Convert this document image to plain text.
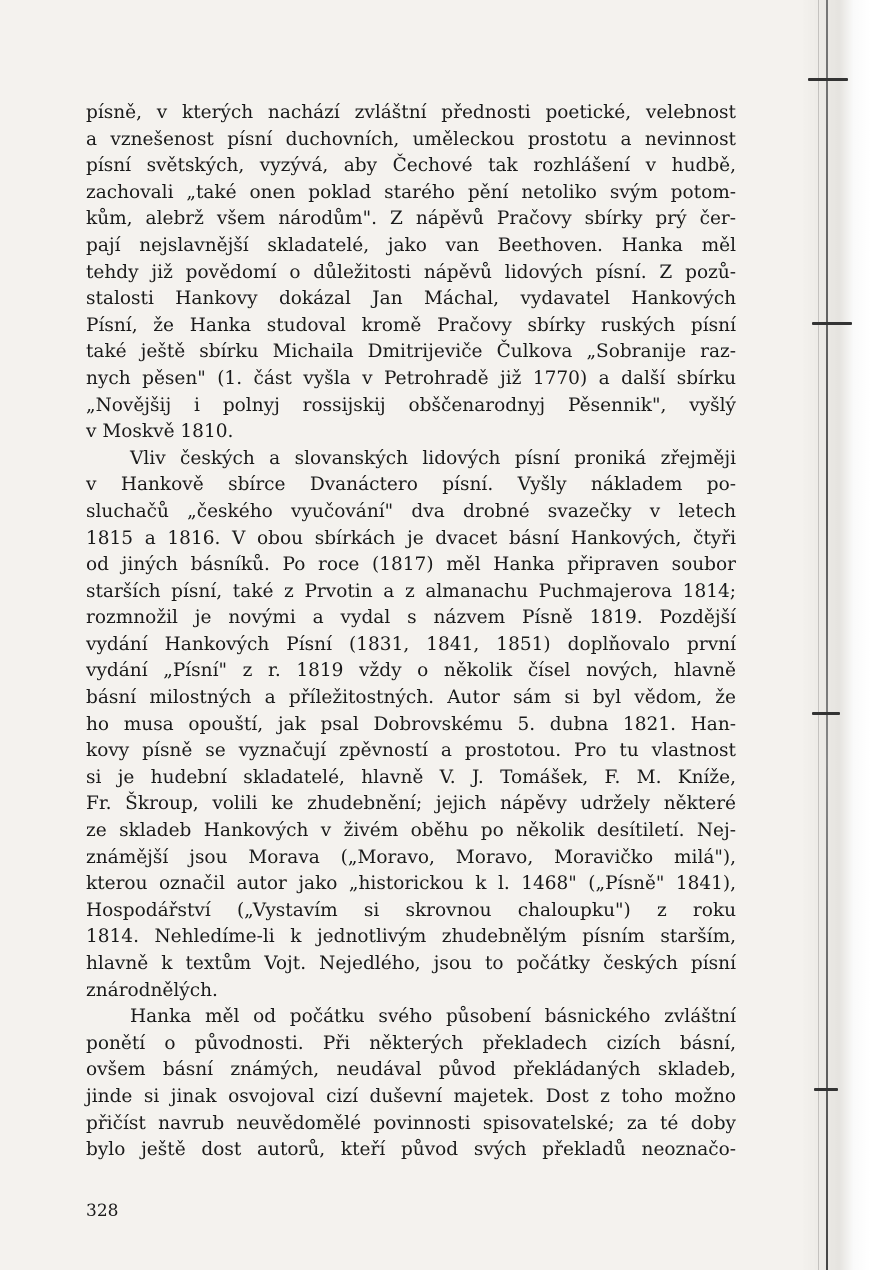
písně, v kterých nachází zvláštní přednosti poetické, velebnost
a vznešenost písní duchovních, uměleckou prostotu a nevinnost
písní světských, vyzývá, aby Čechové tak rozhlášení v hudbě,
zachovali „také onen poklad starého pění netoliko svým potom-
kům, alebrž všem národům". Z nápěvů Pračovy sbírky prý čer-
pají nejslavnější skladatelé, jako van Beethoven. Hanka měl
tehdy již povědomí o důležitosti nápěvů lidových písní. Z pozů-
stalosti Hankovy dokázal Jan Máchal, vydavatel Hankových
Písní, že Hanka studoval kromě Pračovy sbírky ruských písní
také ještě sbírku Michaila Dmitrijeviče Čulkova „Sobranije raz-
nych pěsen" (1. část vyšla v Petrohradě již 1770) a další sbírku
„Novějšij i polnyj rossijskij obščenarodnyj Pěsennik", vyšlý
v Moskvě 1810.
Vliv českých a slovanských lidových písní proniká zřejměji
v Hankově sbírce Dvanáctero písní. Vyšly nákladem po-
sluchačů „českého vyučování" dva drobné svazečky v letech
1815 a 1816. V obou sbírkách je dvacet básní Hankových, čtyři
od jiných básníků. Po roce (1817) měl Hanka připraven soubor
starších písní, také z Prvotin a z almanachu Puchmajerova 1814;
rozmnožil je novými a vydal s názvem Písně 1819. Pozdější
vydání Hankových Písní (1831, 1841, 1851) doplňovalo první
vydání „Písní" z r. 1819 vždy o několik čísel nových, hlavně
básní milostných a příležitostných. Autor sám si byl vědom, že
ho musa opouští, jak psal Dobrovskému 5. dubna 1821. Han-
kovy písně se vyznačují zpěvností a prostotou. Pro tu vlastnost
si je hudební skladatelé, hlavně V. J. Tomášek, F. M. Kníže,
Fr. Škroup, volili ke zhudebnění; jejich nápěvy udržely některé
ze skladeb Hankových v živém oběhu po několik desítiletí. Nej-
známější jsou Morava („Moravo, Moravo, Moravičko milá"),
kterou označil autor jako „historickou k l. 1468" („Písně" 1841),
Hospodářství („Vystavím si skrovnou chaloupku") z roku
1814. Nehledíme-li k jednotlivým zhudebnělým písním starším,
hlavně k textům Vojt. Nejedlého, jsou to počátky českých písní
znárodnělých.
Hanka měl od počátku svého působení básnického zvláštní
ponětí o původnosti. Při některých překladech cizích básní,
ovšem básní známých, neudával původ překládaných skladeb,
jinde si jinak osvojoval cizí duševní majetek. Dost z toho možno
přičíst navrub neuvědomělé povinnosti spisovatelské; za té doby
bylo ještě dost autorů, kteří původ svých překladů neoznačo-
328
